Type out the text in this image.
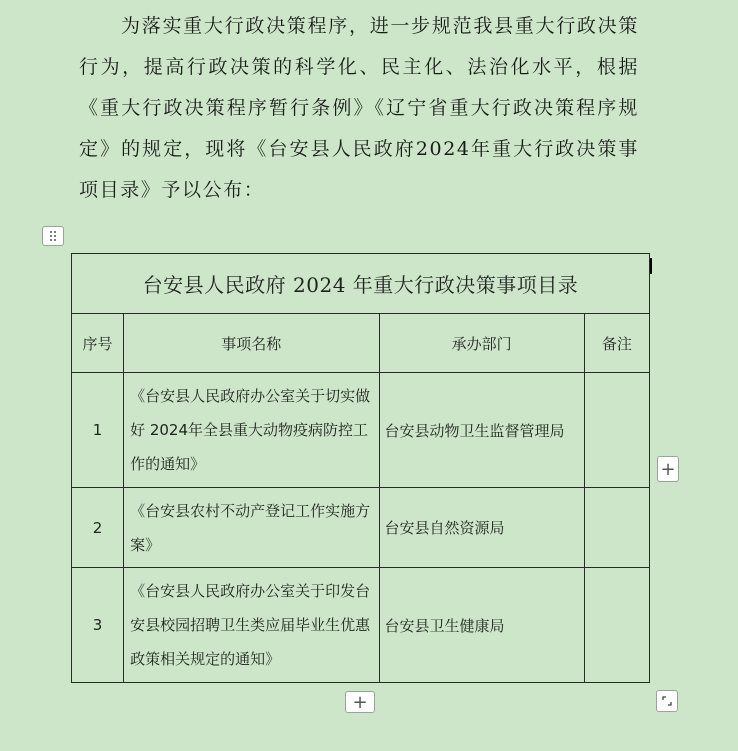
为落实重大行政决策程序，进一步规范我县重大行政决策行为，提高行政决策的科学化、民主化、法治化水平，根据《重大行政决策程序暂行条例》《辽宁省重大行政决策程序规定》的规定，现将《台安县人民政府2024年重大行政决策事项目录》予以公布：

台安县人民政府 2024 年重大行政决策事项目录			
序号	事项名称	承办部门	备注
1	《台安县人民政府办公室关于切实做好 2024年全县重大动物疫病防控工作的通知》	台安县动物卫生监督管理局	
2	《台安县农村不动产登记工作实施方案》	台安县自然资源局	
3	《台安县人民政府办公室关于印发台安县校园招聘卫生类应届毕业生优惠政策相关规定的通知》	台安县卫生健康局	
+
+
